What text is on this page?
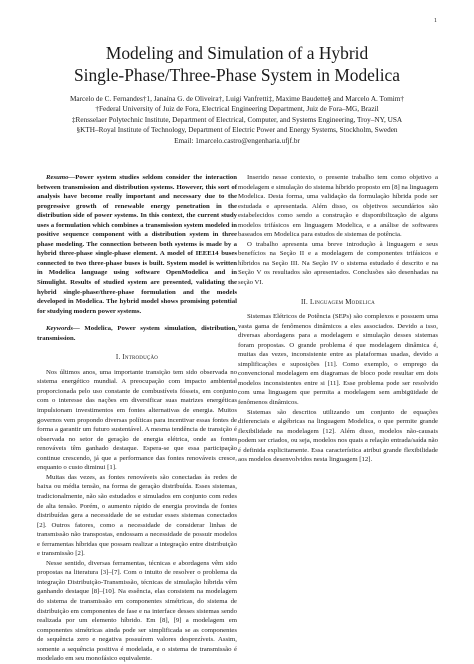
1
Modeling and Simulation of a Hybrid
Single-Phase/Three-Phase System in Modelica
Marcelo de C. Fernandes†1, Janaína G. de Oliveira†, Luigi Vanfretti‡, Maxime Baudette§ and Marcelo A. Tomim†
†Federal University of Juiz de Fora, Electrical Engineering Department, Juiz de Fora–MG, Brazil
‡Rensselaer Polytechnic Institute, Department of Electrical, Computer, and Systems Engineering, Troy–NY, USA
§KTH–Royal Institute of Technology, Department of Electric Power and Energy Systems, Stockholm, Sweden
Email: 1marcelo.castro@engenharia.ufjf.br

Resumo—Power system studies seldom consider the interaction between transmission and distribution systems. However, this sort of analysis have become really important and necessary due to the progressive growth of renewable energy penetration in the distribution side of power systems. In this context, the current study uses a formulation which combines a transmission system modeled in positive sequence component with a distribution system in three phase modeling. The connection between both systems is made by a hybrid three-phase single-phase element. A model of IEEE14 buses connected to two three-phase buses is built. System model is written in Modelica language using software OpenModelica and in Simulight. Results of studied system are presented, validating the hybrid single-phase/three-phase formulation and the models developed in Modelica. The hybrid model shows promising potential for studying modern power systems.

Keywords— Modelica, Power system simulation, distribution, transmission.

I. Introdução

Nos últimos anos, uma importante transição tem sido observada no sistema energético mundial. A preocupação com impacto ambiental proporcionada pelo uso constante de combustíveis fósseis, em conjunto com o interesse das nações em diversificar suas matrizes energéticas impulsionam investimentos em fontes alternativas de energia. Muitos governos vem propondo diversas políticas para incentivar essas fontes de forma a garantir um futuro sustentável. A mesma tendência de transição é observada no setor de geração de energia elétrica, onde as fontes renováveis têm ganhado destaque. Espera-se que essa participação continue crescendo, já que a performance das fontes renováveis cresce, enquanto o custo diminui [1].

Muitas das vezes, as fontes renováveis são conectadas às redes de baixa ou média tensão, na forma de geração distribuída. Esses sistemas, tradicionalmente, não são estudados e simulados em conjunto com redes de alta tensão. Porém, o aumento rápido de energia provinda de fontes distribuídas gera a necessidade de se estudar esses sistemas conectados [2]. Outros fatores, como a necessidade de considerar linhas de transmissão não transpostas, endossam a necessidade de possuir modelos e ferramentas híbridas que possam realizar a integração entre distribuição e transmissão [2].

Nesse sentido, diversas ferramentas, técnicas e abordagens vêm sido propostas na literatura [3]–[7]. Com o intuito de resolver o problema da integração Distribuição-Transmissão, técnicas de simulação híbrida vêm ganhando destaque [8]–[10]. Na essência, elas consistem na modelagem do sistema de transmissão em componentes simétricas, do sistema de distribuição em componentes de fase e na interface desses sistemas sendo realizada por um elemento híbrido. Em [8], [9] a modelagem em componentes simétricas ainda pode ser simplificada se as componentes de sequência zero e negativa possuírem valores desprezíveis. Assim, somente a sequência positiva é modelada, e o sistema de transmissão é modelado em seu monofásico equivalente.

Inserido nesse contexto, o presente trabalho tem como objetivo a modelagem e simulação do sistema híbrido proposto em [8] na linguagem Modelica. Desta forma, uma validação da formulação híbrida pode ser estudada e apresentada. Além disso, os objetivos secundários são estabelecidos como sendo a construção e disponibilização de alguns modelos trifásicos em linguagem Modelica, e a análise de softwares baseados em Modelica para estudos de sistemas de potência.

O trabalho apresenta uma breve introdução à linguagem e seus benefícios na Seção II e a modelagem de componentes trifásicos e híbridos na Seção III. Na Seção IV o sistema estudado é descrito e na Seção V os resultados são apresentados. Conclusões são desenhadas na seção VI.

II. Linguagem Modelica

Sistemas Elétricos de Potência (SEPs) são complexos e possuem uma vasta gama de fenômenos dinâmicos a eles associados. Devido a isso, diversas abordagens para a modelagem e simulação desses sistemas foram propostas. O grande problema é que modelagem dinâmica é, muitas das vezes, inconsistente entre as plataformas usadas, devido a simplificações e suposições [11]. Como exemplo, o emprego da convencional modelagem em diagramas de bloco pode resultar em dois modelos inconsistentes entre si [11]. Esse problema pode ser resolvido com uma linguagem que permita a modelagem sem ambigüidade de fenômenos dinâmicos.

Sistemas são descritos utilizando um conjunto de equações diferenciais e algébricas na linguagem Modelica, o que permite grande flexibilidade na modelagem [12]. Além disso, modelos não-causais podem ser criados, ou seja, modelos nos quais a relação entrada/saída não é definida explicitamente. Essa característica atribui grande flexibilidade aos modelos desenvolvidos nesta linguagem [12].
